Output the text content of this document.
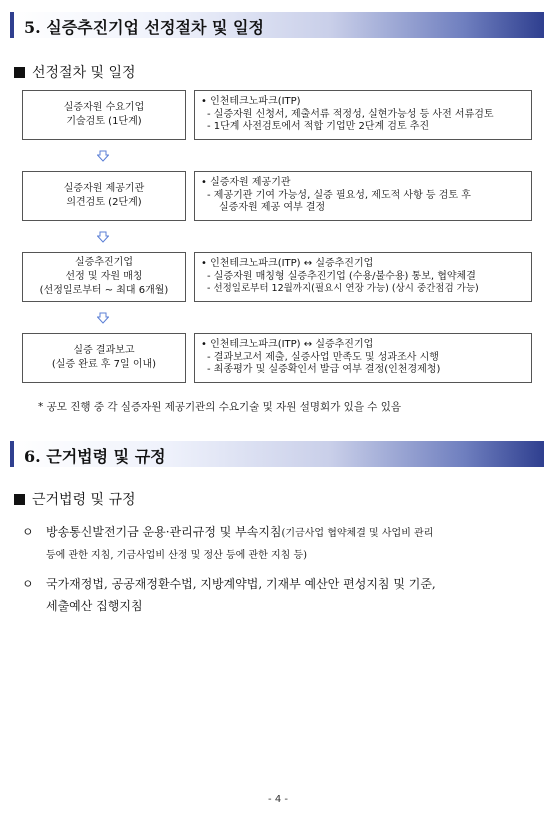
5. 실증추진기업 선정절차 및 일정
선정절차 및 일정
실증자원 수요기업
기술검토 (1단계)
• 인천테크노파크(ITP)
- 실증자원 신청서, 제출서류 적정성, 실현가능성 등 사전 서류검토
- 1단계 사전검토에서 적합 기업만 2단계 검토 추진
실증자원 제공기관
의견검토 (2단계)
• 실증자원 제공기관
- 제공기관 기여 가능성, 실증 필요성, 제도적 사항 등 검토 후
실증자원 제공 여부 결정
실증추진기업
선정 및 자원 매칭
(선정일로부터 ~ 최대 6개월)
• 인천테크노파크(ITP) ↔ 실증추진기업
- 실증자원 매칭형 실증추진기업 (수용/불수용) 통보, 협약체결
- 선정일로부터 12월까지(필요시 연장 가능) (상시 중간점검 가능)
실증 결과보고
(실증 완료 후 7일 이내)
• 인천테크노파크(ITP) ↔ 실증추진기업
- 결과보고서 제출, 실증사업 만족도 및 성과조사 시행
- 최종평가 및 실증확인서 발급 여부 결정(인천경제청)
* 공모 진행 중 각 실증자원 제공기관의 수요기술 및 자원 설명회가 있을 수 있음
6. 근거법령 및 규정
근거법령 및 규정
ㅇ	방송통신발전기금 운용·관리규정 및 부속지침(기금사업 협약체결 및 사업비 관리
등에 관한 지침, 기금사업비 산정 및 정산 등에 관한 지침 등)
ㅇ	국가재정법, 공공재정환수법, 지방계약법, 기재부 예산안 편성지침 및 기준,
세출예산 집행지침
- 4 -
